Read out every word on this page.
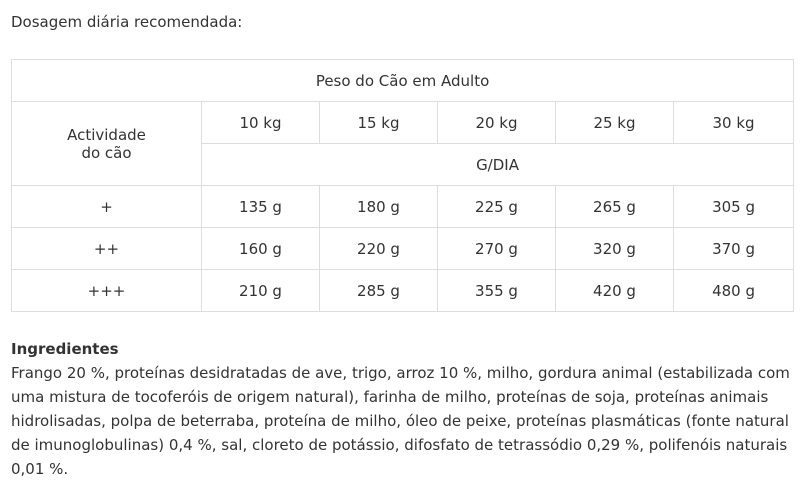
Dosagem diária recomendada:
Peso do Cão em Adulto					
Actividade
do cão	10 kg	15 kg	20 kg	25 kg	30 kg
	G/DIA				
+	135 g	180 g	225 g	265 g	305 g
++	160 g	220 g	270 g	320 g	370 g
+++	210 g	285 g	355 g	420 g	480 g
Ingredientes
Frango 20 %, proteínas desidratadas de ave, trigo, arroz 10 %, milho, gordura animal (estabilizada com uma mistura de tocoferóis de origem natural), farinha de milho, proteínas de soja, proteínas animais hidrolisadas, polpa de beterraba, proteína de milho, óleo de peixe, proteínas plasmáticas (fonte natural de imunoglobulinas) 0,4 %, sal, cloreto de potássio, difosfato de tetrassódio 0,29 %, polifenóis naturais 0,01 %.
